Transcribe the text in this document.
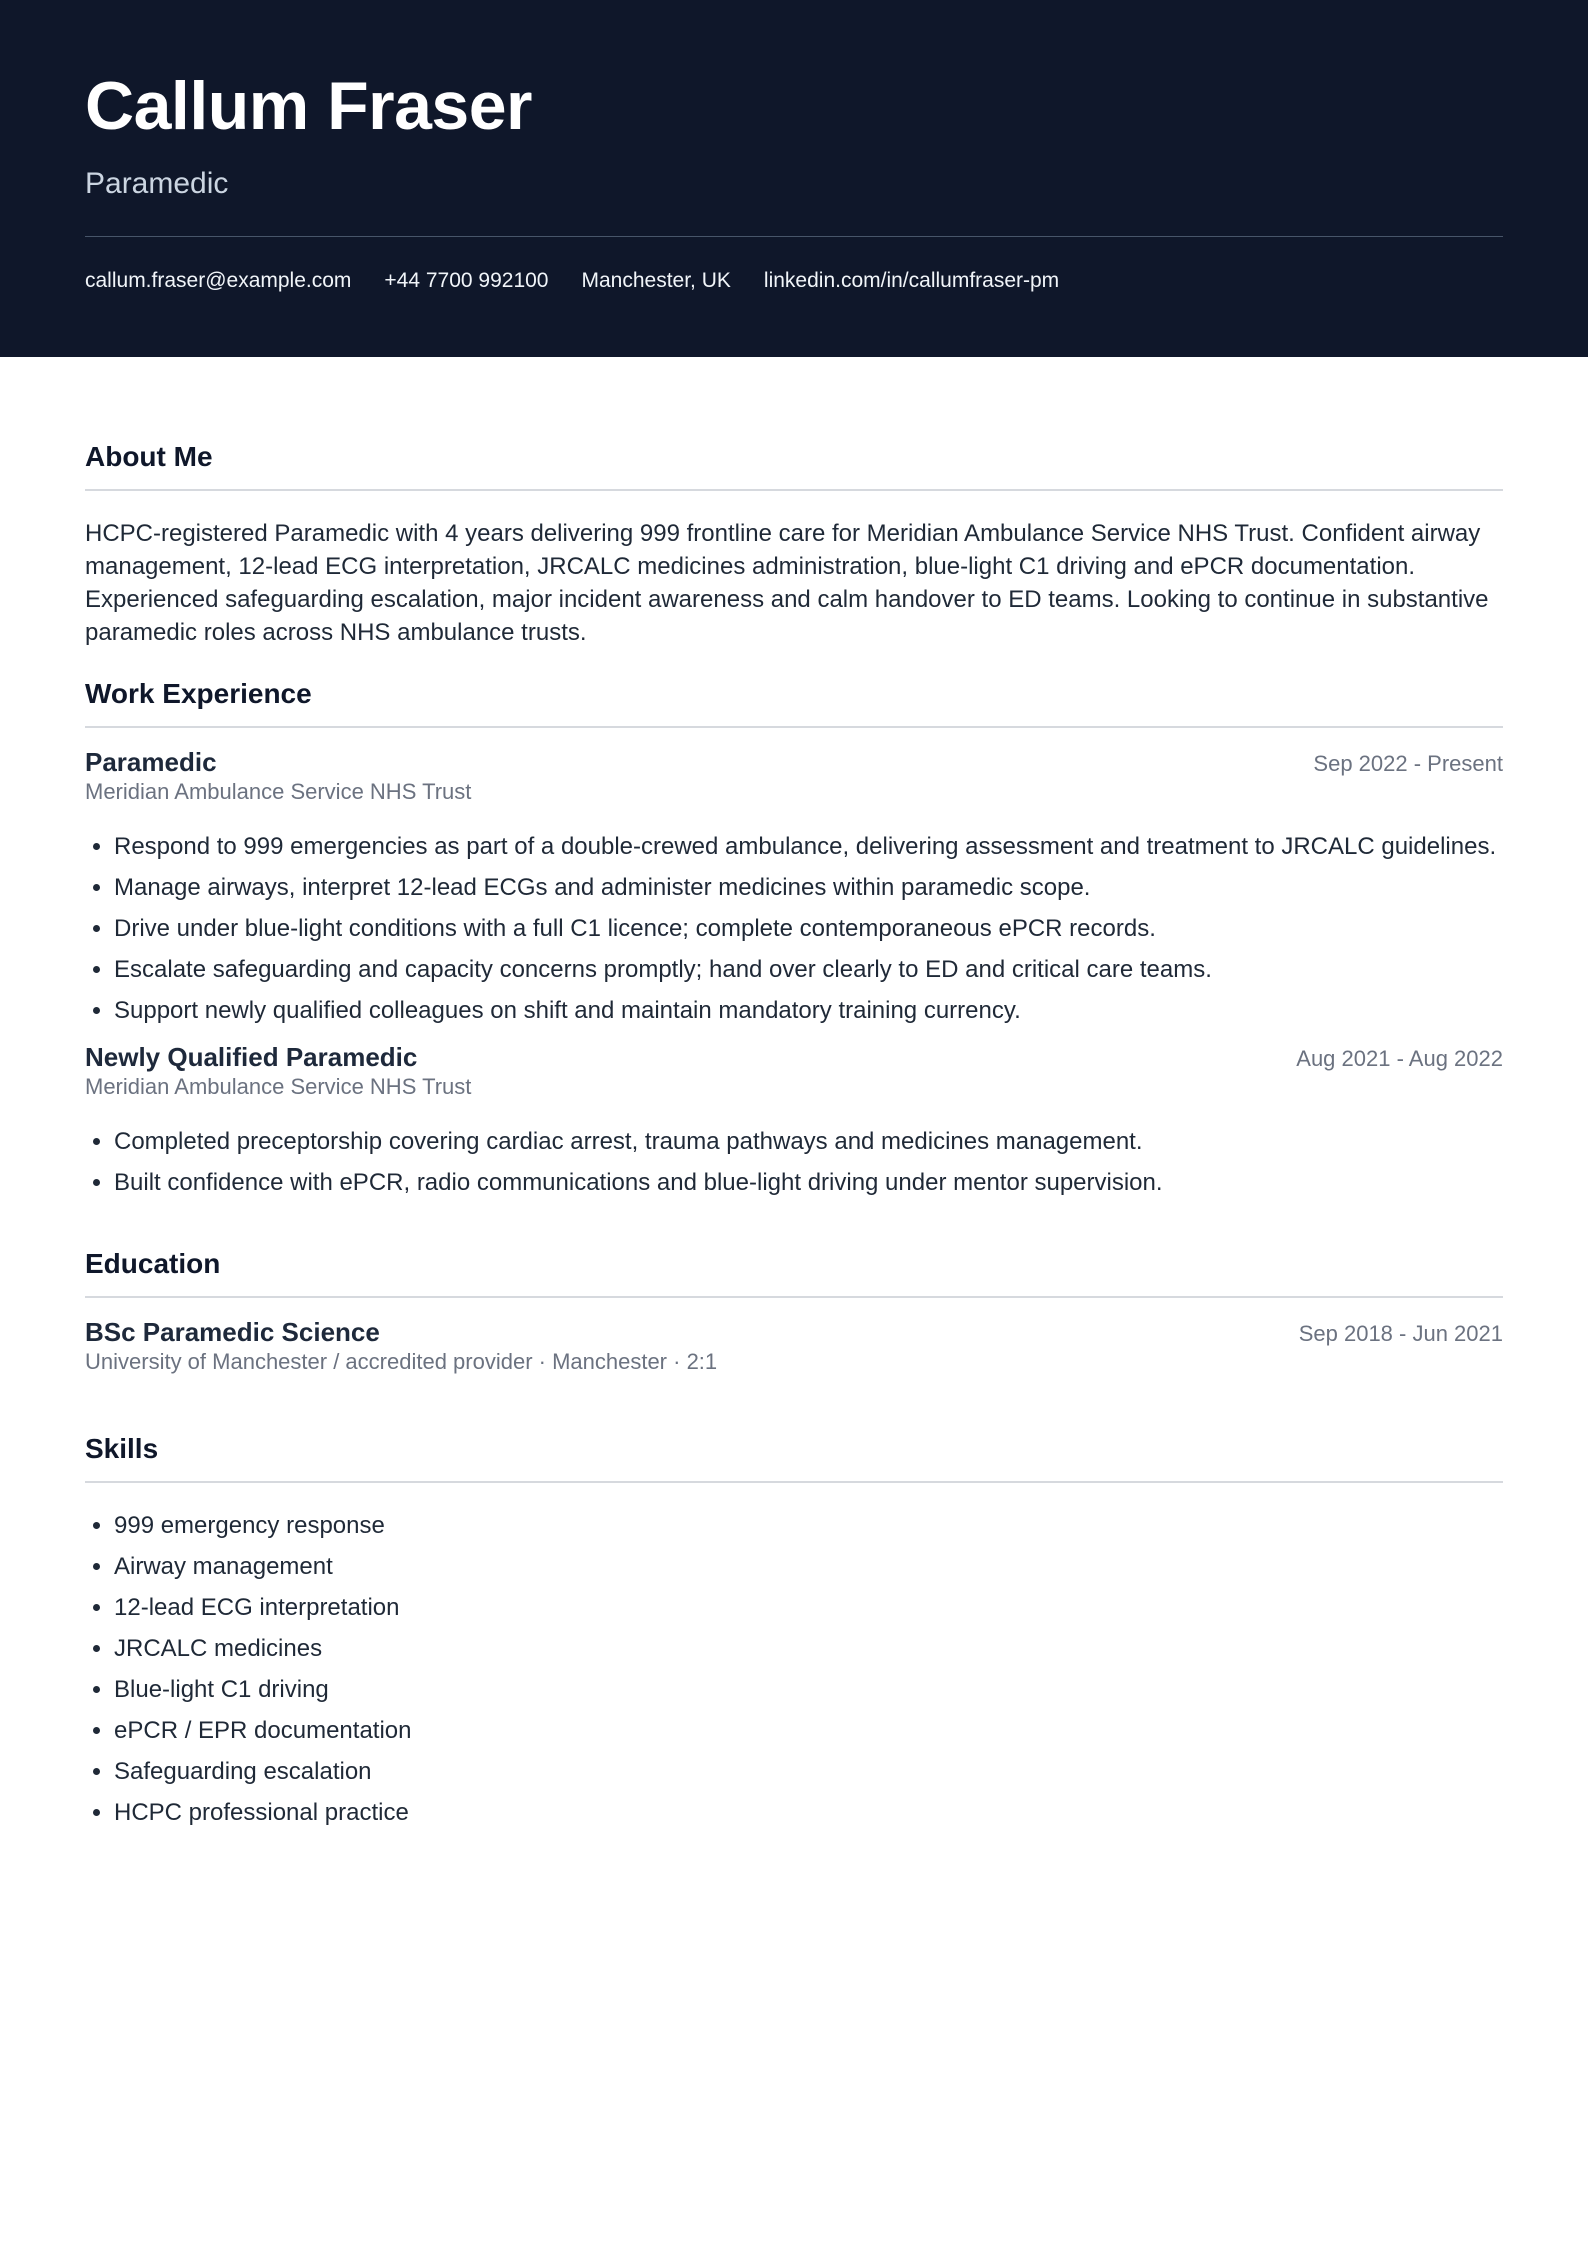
Callum Fraser
Paramedic
callum.fraser@example.com +44 7700 992100 Manchester, UK linkedin.com/in/callumfraser-pm
About Me

HCPC-registered Paramedic with 4 years delivering 999 frontline care for Meridian Ambulance Service NHS Trust. Confident airway management, 12-lead ECG interpretation, JRCALC medicines administration, blue-light C1 driving and ePCR documentation. Experienced safeguarding escalation, major incident awareness and calm handover to ED teams. Looking to continue in substantive paramedic roles across NHS ambulance trusts.

Work Experience
Paramedic	Sep 2022 - Present
Meridian Ambulance Service NHS Trust
• Respond to 999 emergencies as part of a double-crewed ambulance, delivering assessment and treatment to JRCALC guidelines.
• Manage airways, interpret 12-lead ECGs and administer medicines within paramedic scope.
• Drive under blue-light conditions with a full C1 licence; complete contemporaneous ePCR records.
• Escalate safeguarding and capacity concerns promptly; hand over clearly to ED and critical care teams.
• Support newly qualified colleagues on shift and maintain mandatory training currency.
Newly Qualified Paramedic	Aug 2021 - Aug 2022
Meridian Ambulance Service NHS Trust
• Completed preceptorship covering cardiac arrest, trauma pathways and medicines management.
• Built confidence with ePCR, radio communications and blue-light driving under mentor supervision.
Education
BSc Paramedic Science	Sep 2018 - Jun 2021
University of Manchester / accredited provider · Manchester · 2:1
Skills
• 999 emergency response
• Airway management
• 12-lead ECG interpretation
• JRCALC medicines
• Blue-light C1 driving
• ePCR / EPR documentation
• Safeguarding escalation
• HCPC professional practice
